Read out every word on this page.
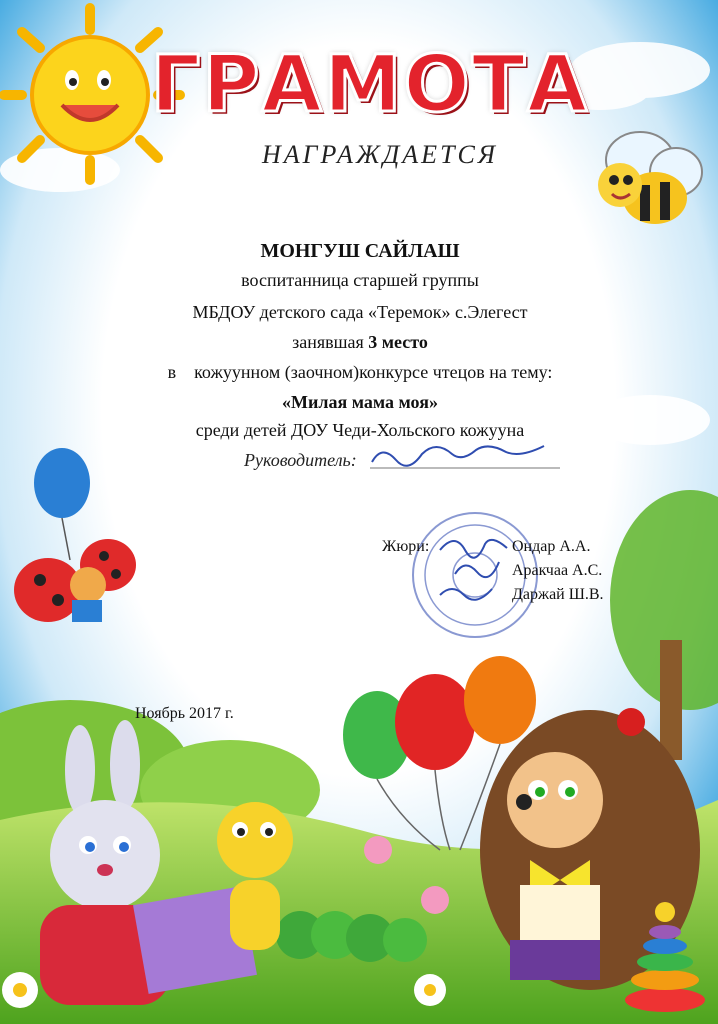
ГРАМОТА
НАГРАЖДАЕТСЯ
МОНГУШ САЙЛАШ
воспитанница старшей группы
МБДОУ детского сада «Теремок» с.Элегест
занявшая 3 место
в    кожуунном (заочном)конкурсе чтецов на тему:
«Милая мама моя»
среди детей ДОУ Чеди-Хольского кожууна
Руководитель:
Жюри:	Ондар А.А.
Аракчаа А.С.
Даржай Ш.В.
Ноябрь 2017 г.
